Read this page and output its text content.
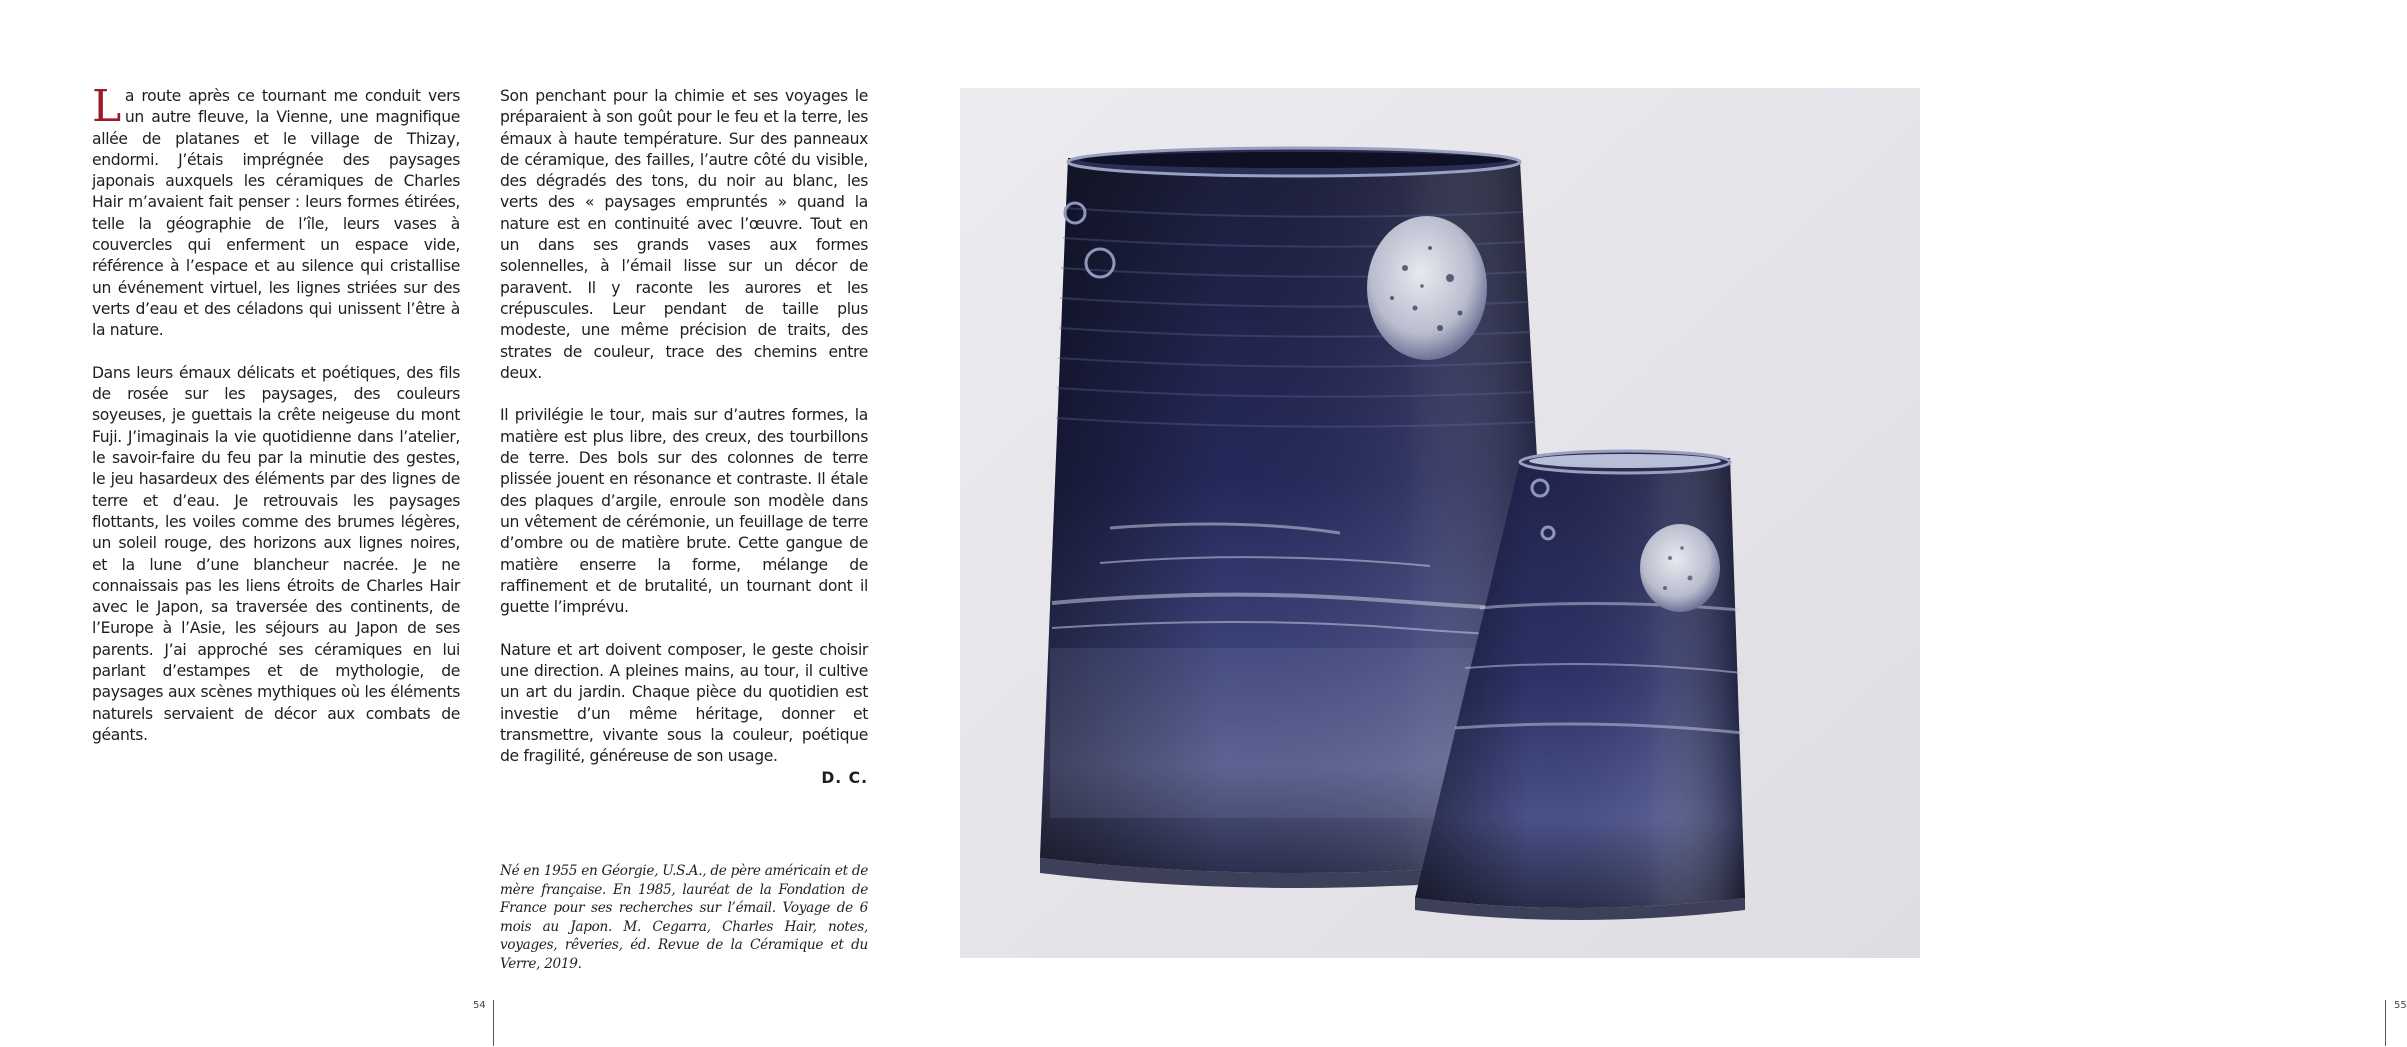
La route après ce tournant me conduit vers un autre fleuve, la Vienne, une magnifique allée de platanes et le village de Thizay, endormi. J’étais imprégnée des paysages japonais auxquels les céramiques de Charles Hair m’avaient fait penser : leurs formes étirées, telle la géographie de l’île, leurs vases à couvercles qui enferment un espace vide, référence à l’espace et au silence qui cristallise un événement virtuel, les lignes striées sur des verts d’eau et des céladons qui unissent l’être à la nature.

Dans leurs émaux délicats et poétiques, des fils de rosée sur les paysages, des couleurs soyeuses, je guettais la crête neigeuse du mont Fuji. J’imaginais la vie quotidienne dans l’atelier, le savoir-faire du feu par la minutie des gestes, le jeu hasardeux des éléments par des lignes de terre et d’eau. Je retrouvais les paysages flottants, les voiles comme des brumes légères, un soleil rouge, des horizons aux lignes noires, et la lune d’une blancheur nacrée. Je ne connaissais pas les liens étroits de Charles Hair avec le Japon, sa traversée des continents, de l’Europe à l’Asie, les séjours au Japon de ses parents. J’ai approché ses céramiques en lui parlant d’estampes et de mythologie, de paysages aux scènes mythiques où les éléments naturels servaient de décor aux combats de géants.

Son penchant pour la chimie et ses voyages le préparaient à son goût pour le feu et la terre, les émaux à haute température. Sur des panneaux de céramique, des failles, l’autre côté du visible, des dégradés des tons, du noir au blanc, les verts des « paysages empruntés » quand la nature est en continuité avec l’œuvre. Tout en un dans ses grands vases aux formes solennelles, à l’émail lisse sur un décor de paravent. Il y raconte les aurores et les crépuscules. Leur pendant de taille plus modeste, une même précision de traits, des strates de couleur, trace des chemins entre deux.

Il privilégie le tour, mais sur d’autres formes, la matière est plus libre, des creux, des tourbillons de terre. Des bols sur des colonnes de terre plissée jouent en résonance et contraste. Il étale des plaques d’argile, enroule son modèle dans un vêtement de cérémonie, un feuillage de terre d’ombre ou de matière brute. Cette gangue de matière enserre la forme, mélange de raffinement et de brutalité, un tournant dont il guette l’imprévu.

Nature et art doivent composer, le geste choisir une direction. A pleines mains, au tour, il cultive un art du jardin. Chaque pièce du quotidien est investie d’un même héritage, donner et transmettre, vivante sous la couleur, poétique de fragilité, généreuse de son usage.

D. C.

Né en 1955 en Géorgie, U.S.A., de père américain et de mère française. En 1985, lauréat de la Fondation de France pour ses recherches sur l’émail. Voyage de 6 mois au Japon. M. Cegarra, Charles Hair, notes, voyages, rêveries, éd. Revue de la Céramique et du Verre, 2019.

54	55
